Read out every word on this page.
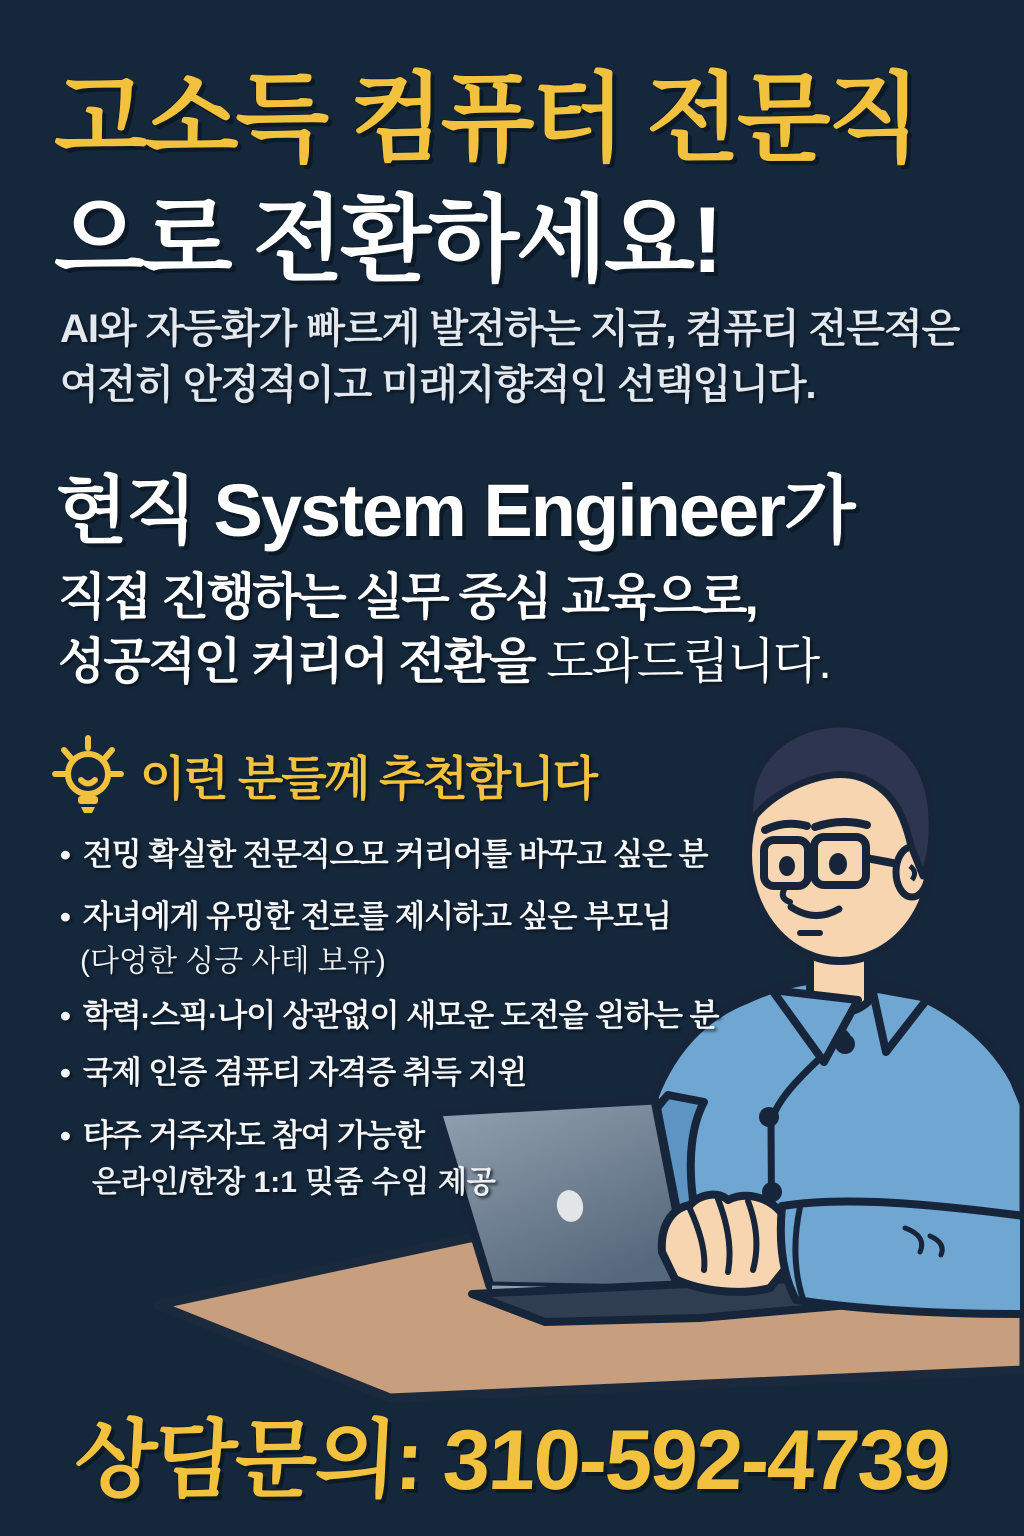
고소득 컴퓨터 전문직
으로 전환하세요!
AI와 자등화가 빠르게 발전하는 지금, 컴퓨티 전믄적은
여전히 안정적이고 미래지향적인 선택입니다.
현직 System Engineer가
직접 진행하는 실무 중심 교육으로,
성공적인 커리어 전환을 도와드립니다.
이런 분들께 추천함니다
• 전밍 확실한 전문직으모 커리어틀 바꾸고 싶은 분
• 자녀에게 유밍한 전로를 제시하고 싶은 부모님
(다엉한 싱긍 사테 보유)
• 학력·스픽·나이 상관없이 새모운 도전읕 읜하는 분
• 국제 인증 겸퓨티 자격증 취득 지윈
• 탸주 거주자도 참여 가능한
은라인/한장 1:1 밎줌 수임 제공
상담문의: 310-592-4739
